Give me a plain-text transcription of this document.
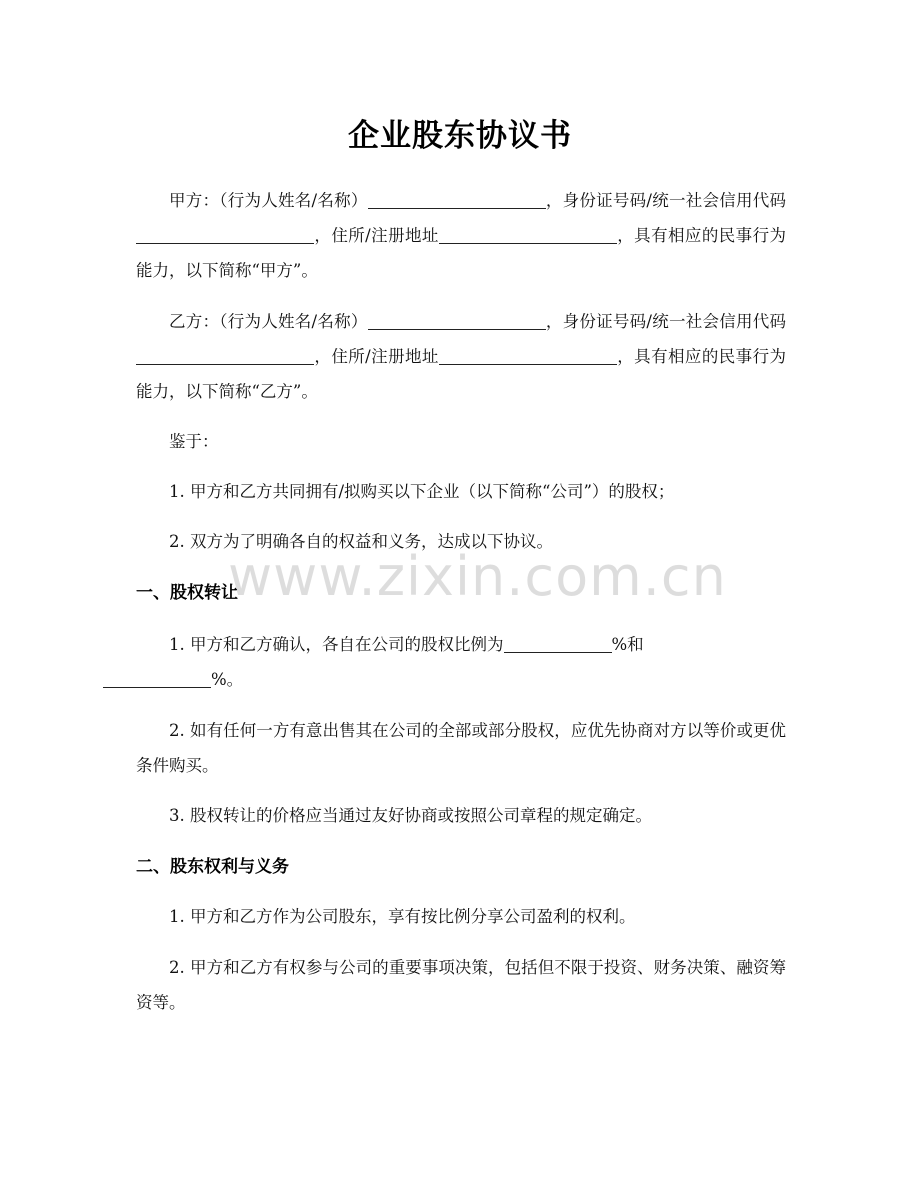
企业股东协议书
甲方：（行为人姓名/名称）	，身份证号码/统一社会信用代码，住所/注册地址	，具有相应的民事行为能力，以下简称“甲方”。
乙方：（行为人姓名/名称）	，身份证号码/统一社会信用代码，住所/注册地址	，具有相应的民事行为能力，以下简称“乙方”。
鉴于：
1. 甲方和乙方共同拥有/拟购买以下企业（以下简称“公司”）的股权；
2. 双方为了明确各自的权益和义务，达成以下协议。
一、股权转让
1. 甲方和乙方确认，各自在公司的股权比例为	%和
%。
2. 如有任何一方有意出售其在公司的全部或部分股权，应优先协商对方以等价或更优条件购买。
3. 股权转让的价格应当通过友好协商或按照公司章程的规定确定。
二、股东权利与义务
1. 甲方和乙方作为公司股东，享有按比例分享公司盈利的权利。
2. 甲方和乙方有权参与公司的重要事项决策，包括但不限于投资、财务决策、融资筹资等。
www.zixin.com.cn
